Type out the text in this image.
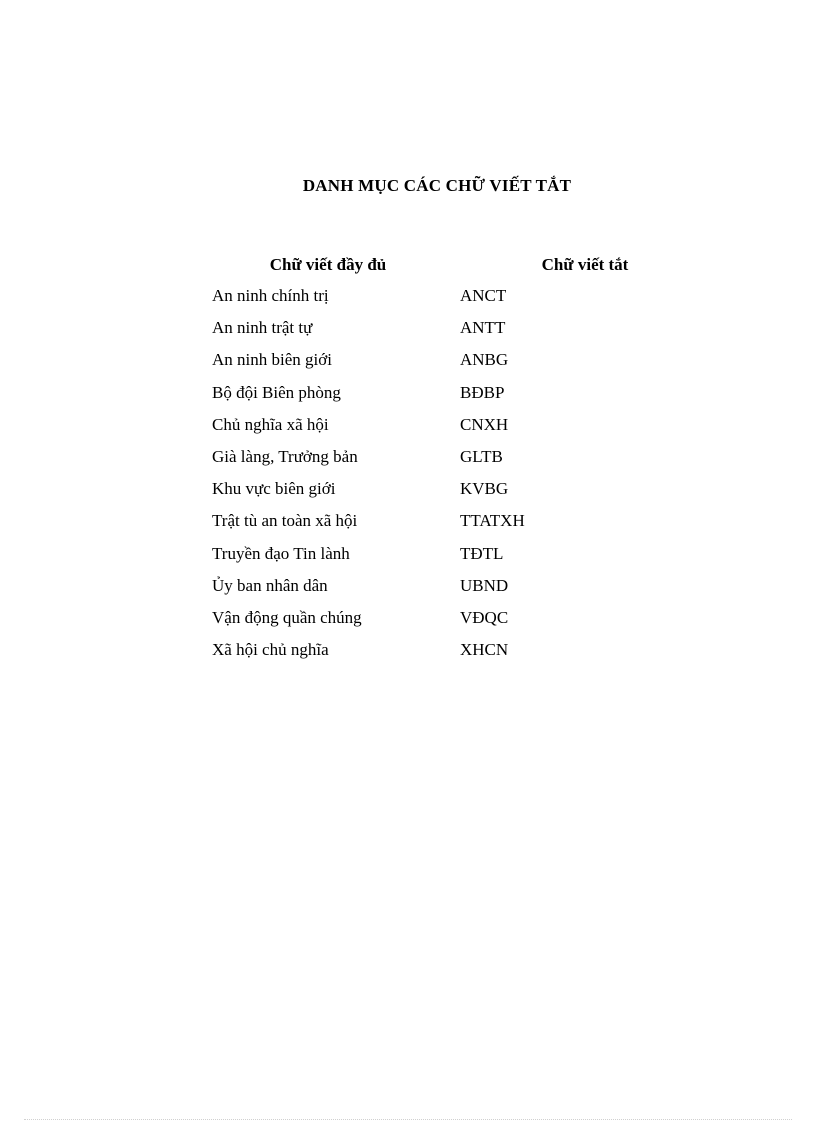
DANH MỤC CÁC CHỮ VIẾT TẮT
Chữ viết đầy đủ	Chữ viết tắt
An ninh chính trị	ANCT
An ninh trật tự	ANTT
An ninh biên giới	ANBG
Bộ đội Biên phòng	BĐBP
Chủ nghĩa xã hội	CNXH
Già làng, Trưởng bản	GLTB
Khu vực biên giới	KVBG
Trật tù an toàn xã hội	TTATXH
Truyền đạo Tin lành	TĐTL
Ủy ban nhân dân	UBND
Vận động quần chúng	VĐQC
Xã hội chủ nghĩa	XHCN
